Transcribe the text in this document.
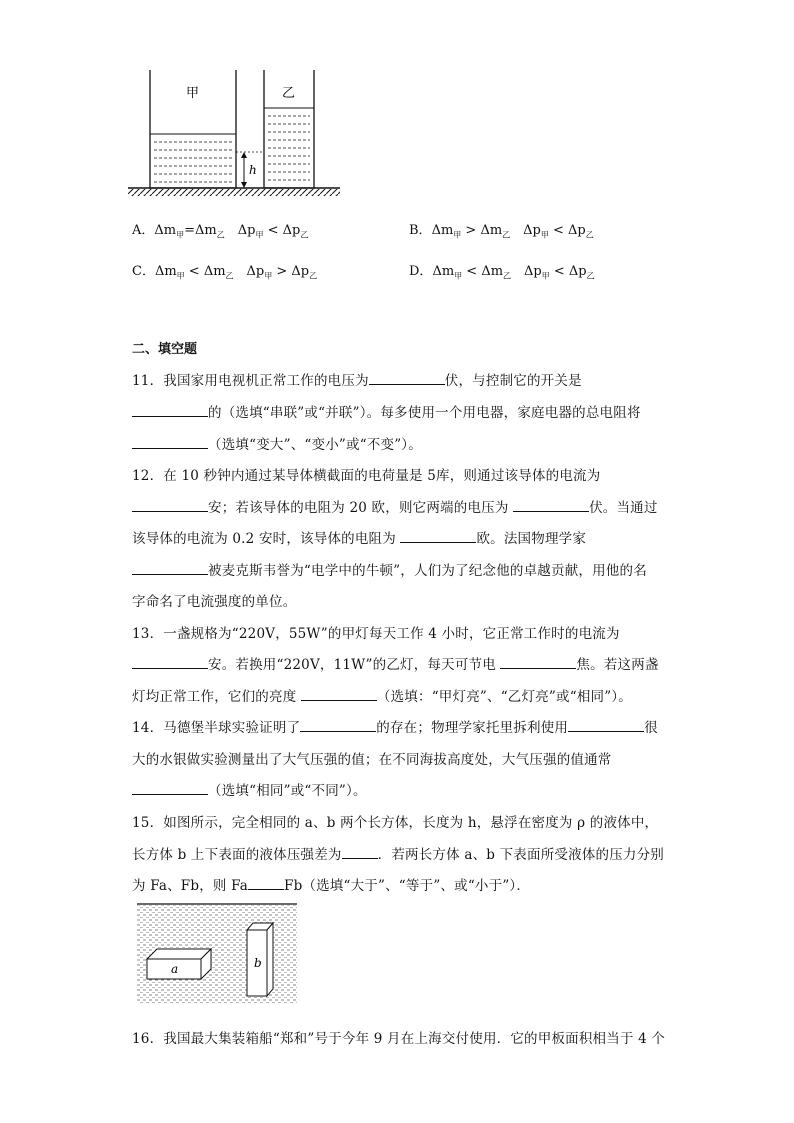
h
甲	乙
A．$\Delta m_甲=\Delta m_乙$　$\Delta p_甲 < \Delta p_乙$	B．$\Delta m_甲 > \Delta m_乙$　$\Delta p_甲 < \Delta p_乙$
C．$\Delta m_甲 < \Delta m_乙$　$\Delta p_甲 > \Delta p_乙$	D．$\Delta m_甲 < \Delta m_乙$　$\Delta p_甲 < \Delta p_乙$
二、填空题
11．我国家用电视机正常工作的电压为	伏，与控制它的开关是
的（选填“串联”或“并联”）。每多使用一个用电器，家庭电器的总电阻将
（选填“变大”、“变小”或“不变”）。
12．在 10 秒钟内通过某导体横截面的电荷量是 5库，则通过该导体的电流为
安；若该导体的电阻为 20 欧，则它两端的电压为	伏。当通过
该导体的电流为 0.2 安时，该导体的电阻为	欧。法国物理学家
被麦克斯韦誉为“电学中的牛顿”，人们为了纪念他的卓越贡献，用他的名
字命名了电流强度的单位。
13．一盏规格为“220V，55W”的甲灯每天工作 4 小时，它正常工作时的电流为
安。若换用“220V，11W”的乙灯，每天可节电	焦。若这两盏
灯均正常工作，它们的亮度	（选填：“甲灯亮”、“乙灯亮”或“相同”）。
14．马德堡半球实验证明了	的存在；物理学家托里拆利使用	很
大的水银做实验测量出了大气压强的值；在不同海拔高度处，大气压强的值通常
（选填“相同”或“不同”）。
15．如图所示，完全相同的 a、b 两个长方体，长度为 h，悬浮在密度为 ρ 的液体中，
长方体 b 上下表面的液体压强差为	．若两长方体 a、b 下表面所受液体的压力分别
为 Fa、Fb，则 Fa	Fb（选填“大于”、“等于”、或“小于”）．
a	b
16．我国最大集装箱船“郑和”号于今年 9 月在上海交付使用．它的甲板面积相当于 4 个
